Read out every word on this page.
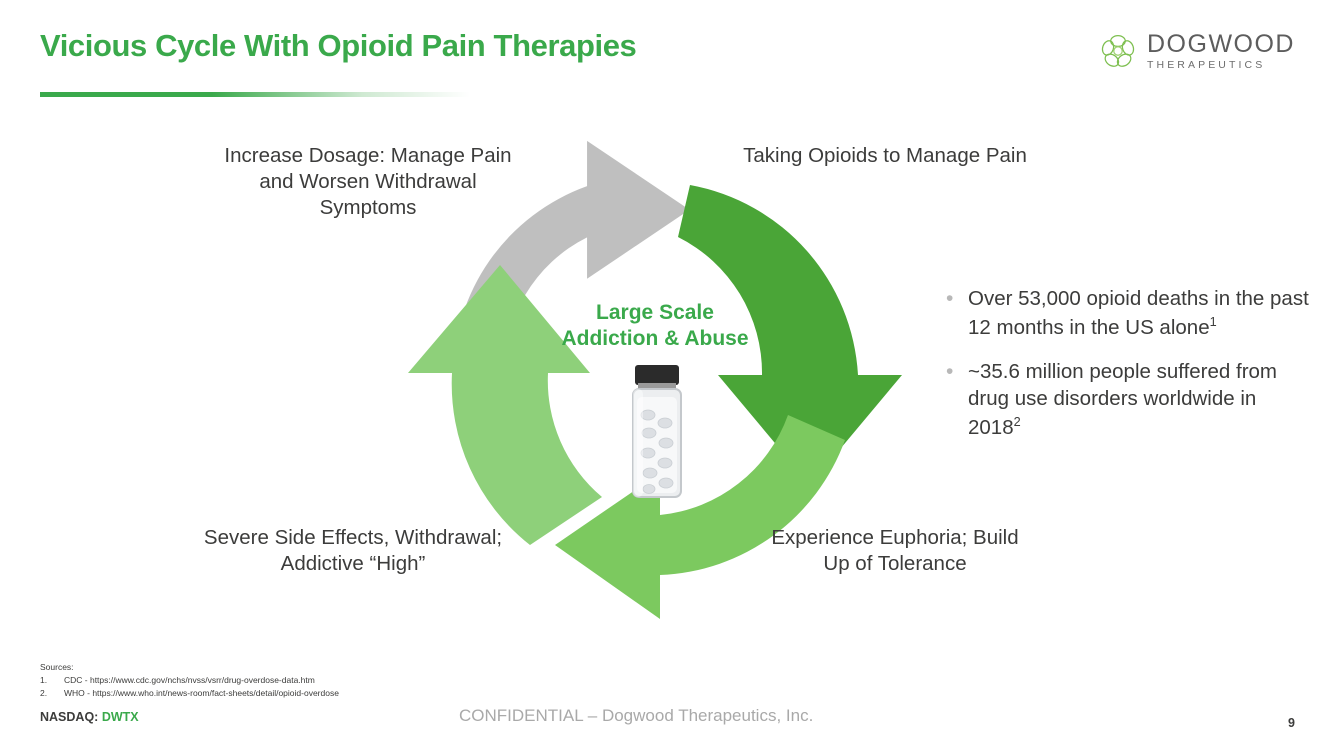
Vicious Cycle With Opioid Pain Therapies	DOGWOOD
THERAPEUTICS
Large Scale
Addiction & Abuse
Increase Dosage: Manage Pain and Worsen Withdrawal Symptoms
Taking Opioids to Manage Pain
Severe Side Effects, Withdrawal; Addictive “High”
Experience Euphoria; Build Up of Tolerance
• Over 53,000 opioid deaths in the past 12 months in the US alone$^1$
• ~35.6 million people suffered from drug use disorders worldwide in 2018$^2$
Sources:
1.	CDC - https://www.cdc.gov/nchs/nvss/vsrr/drug-overdose-data.htm
2.	WHO - https://www.who.int/news-room/fact-sheets/detail/opioid-overdose
NASDAQ: DWTX	CONFIDENTIAL – Dogwood Therapeutics, Inc.	9
